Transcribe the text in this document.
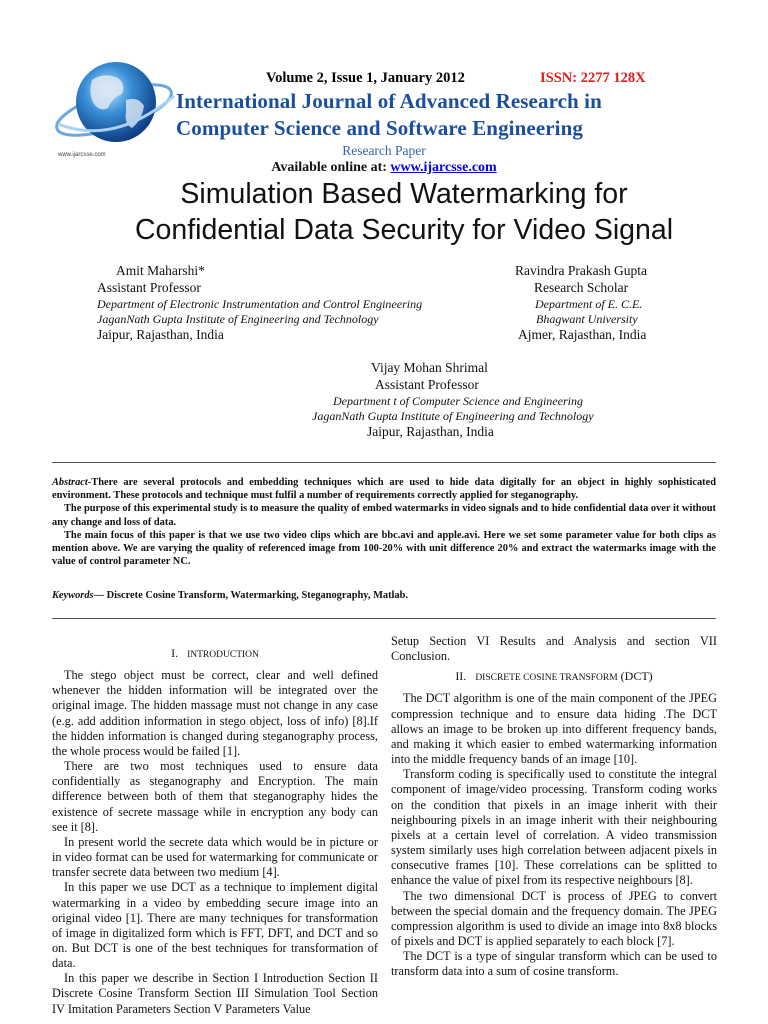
www.ijarcsse.com
Volume 2, Issue 1, January 2012	ISSN: 2277 128X
International Journal of Advanced Research in
Computer Science and Software Engineering
Research Paper
Available online at: www.ijarcsse.com
Simulation Based Watermarking for
Confidential Data Security for Video Signal
Amit Maharshi*
Assistant Professor
Department of Electronic Instrumentation and Control Engineering
JaganNath Gupta Institute of Engineering and Technology
Jaipur, Rajasthan, India
Ravindra Prakash Gupta
Research Scholar
Department of E. C.E.
Bhagwant University
Ajmer, Rajasthan, India
Vijay Mohan Shrimal
Assistant Professor
Department t of Computer Science and Engineering
JaganNath Gupta Institute of Engineering and Technology
Jaipur, Rajasthan, India

Abstract-There are several protocols and embedding techniques which are used to hide data digitally for an object in highly sophisticated environment. These protocols and technique must fulfil a number of requirements correctly applied for steganography.

The purpose of this experimental study is to measure the quality of embed watermarks in video signals and to hide confidential data over it without any change and loss of data.

The main focus of this paper is that we use two video clips which are bbc.avi and apple.avi. Here we set some parameter value for both clips as mention above. We are varying the quality of referenced image from 100-20% with unit difference 20% and extract the watermarks image with the value of control parameter NC.

Keywords— Discrete Cosine Transform, Watermarking, Steganography, Matlab.
I. INTRODUCTION

The stego object must be correct, clear and well defined whenever the hidden information will be integrated over the original image. The hidden massage must not change in any case (e.g. add addition information in stego object, loss of info) [8].If the hidden information is changed during steganography process, the whole process would be failed [1].

There are two most techniques used to ensure data confidentially as steganography and Encryption. The main difference between both of them that steganography hides the existence of secrete massage while in encryption any body can see it [8].

In present world the secrete data which would be in picture or in video format can be used for watermarking for communicate or transfer secrete data between two medium [4].

In this paper we use DCT as a technique to implement digital watermarking in a video by embedding secure image into an original video [1]. There are many techniques for transformation of image in digitalized form which is FFT, DFT, and DCT and so on. But DCT is one of the best techniques for transformation of data.

In this paper we describe in Section I Introduction Section II Discrete Cosine Transform Section III Simulation Tool Section IV Imitation Parameters Section V Parameters Value

Setup Section VI Results and Analysis and section VII Conclusion.

II. DISCRETE COSINE TRANSFORM (DCT)

The DCT algorithm is one of the main component of the JPEG compression technique and to ensure data hiding .The DCT allows an image to be broken up into different frequency bands, and making it which easier to embed watermarking information into the middle frequency bands of an image [10].

Transform coding is specifically used to constitute the integral component of image/video processing. Transform coding works on the condition that pixels in an image inherit with their neighbouring pixels in an image inherit with their neighbouring pixels at a certain level of correlation. A video transmission system similarly uses high correlation between adjacent pixels in consecutive frames [10]. These correlations can be splitted to enhance the value of pixel from its respective neighbours [8].

The two dimensional DCT is process of JPEG to convert between the special domain and the frequency domain. The JPEG compression algorithm is used to divide an image into 8x8 blocks of pixels and DCT is applied separately to each block [7].

The DCT is a type of singular transform which can be used to transform data into a sum of cosine transform.
